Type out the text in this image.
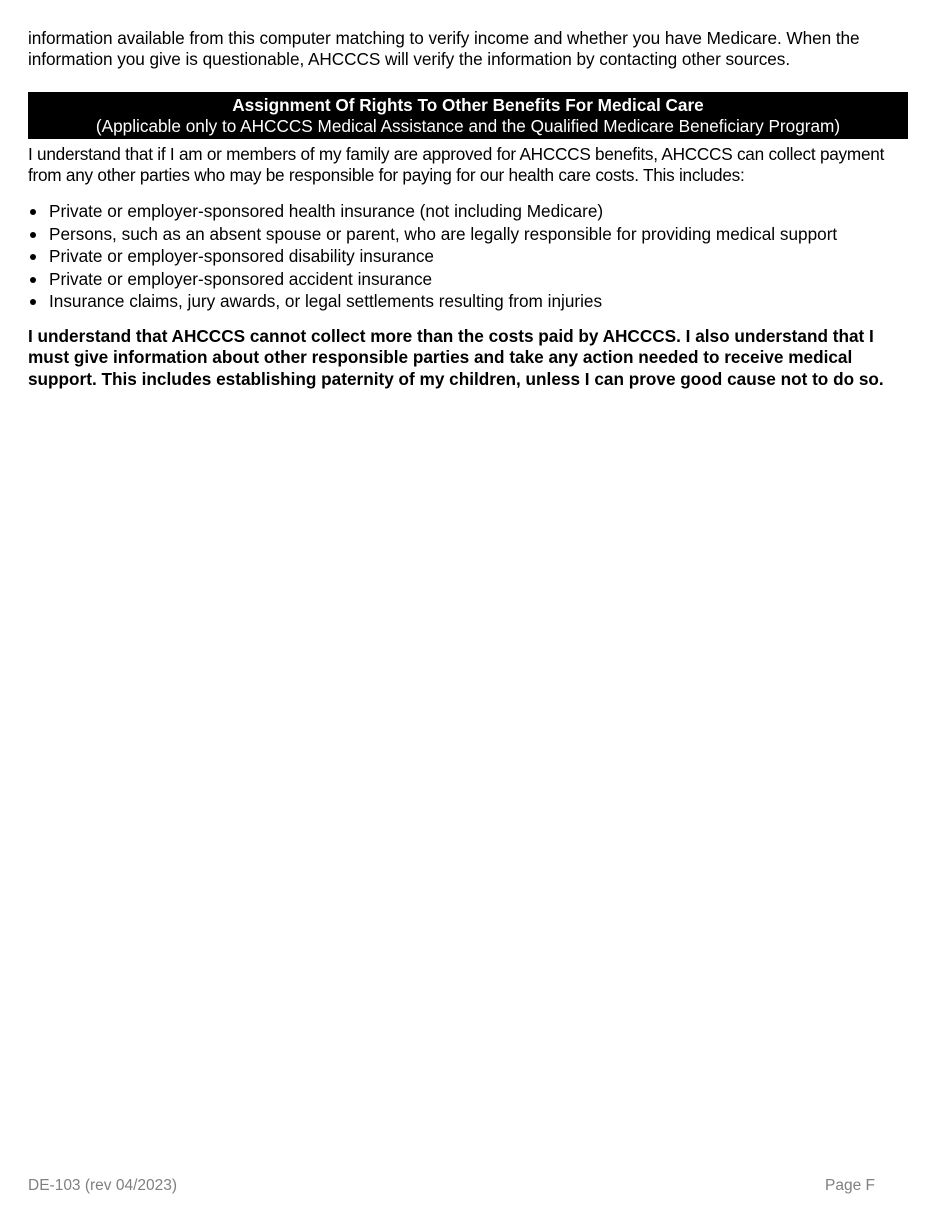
information available from this computer matching to verify income and whether you have Medicare. When the information you give is questionable, AHCCCS will verify the information by contacting other sources.

Assignment Of Rights To Other Benefits For Medical Care
(Applicable only to AHCCCS Medical Assistance and the Qualified Medicare Beneficiary Program)

I understand that if I am or members of my family are approved for AHCCCS benefits, AHCCCS can collect payment from any other parties who may be responsible for paying for our health care costs. This includes:

Private or employer-sponsored health insurance (not including Medicare)
Persons, such as an absent spouse or parent, who are legally responsible for providing medical support
Private or employer-sponsored disability insurance
Private or employer-sponsored accident insurance
Insurance claims, jury awards, or legal settlements resulting from injuries

I understand that AHCCCS cannot collect more than the costs paid by AHCCCS. I also understand that I must give information about other responsible parties and take any action needed to receive medical support. This includes establishing paternity of my children, unless I can prove good cause not to do so.

DE-103 (rev 04/2023)	Page F
